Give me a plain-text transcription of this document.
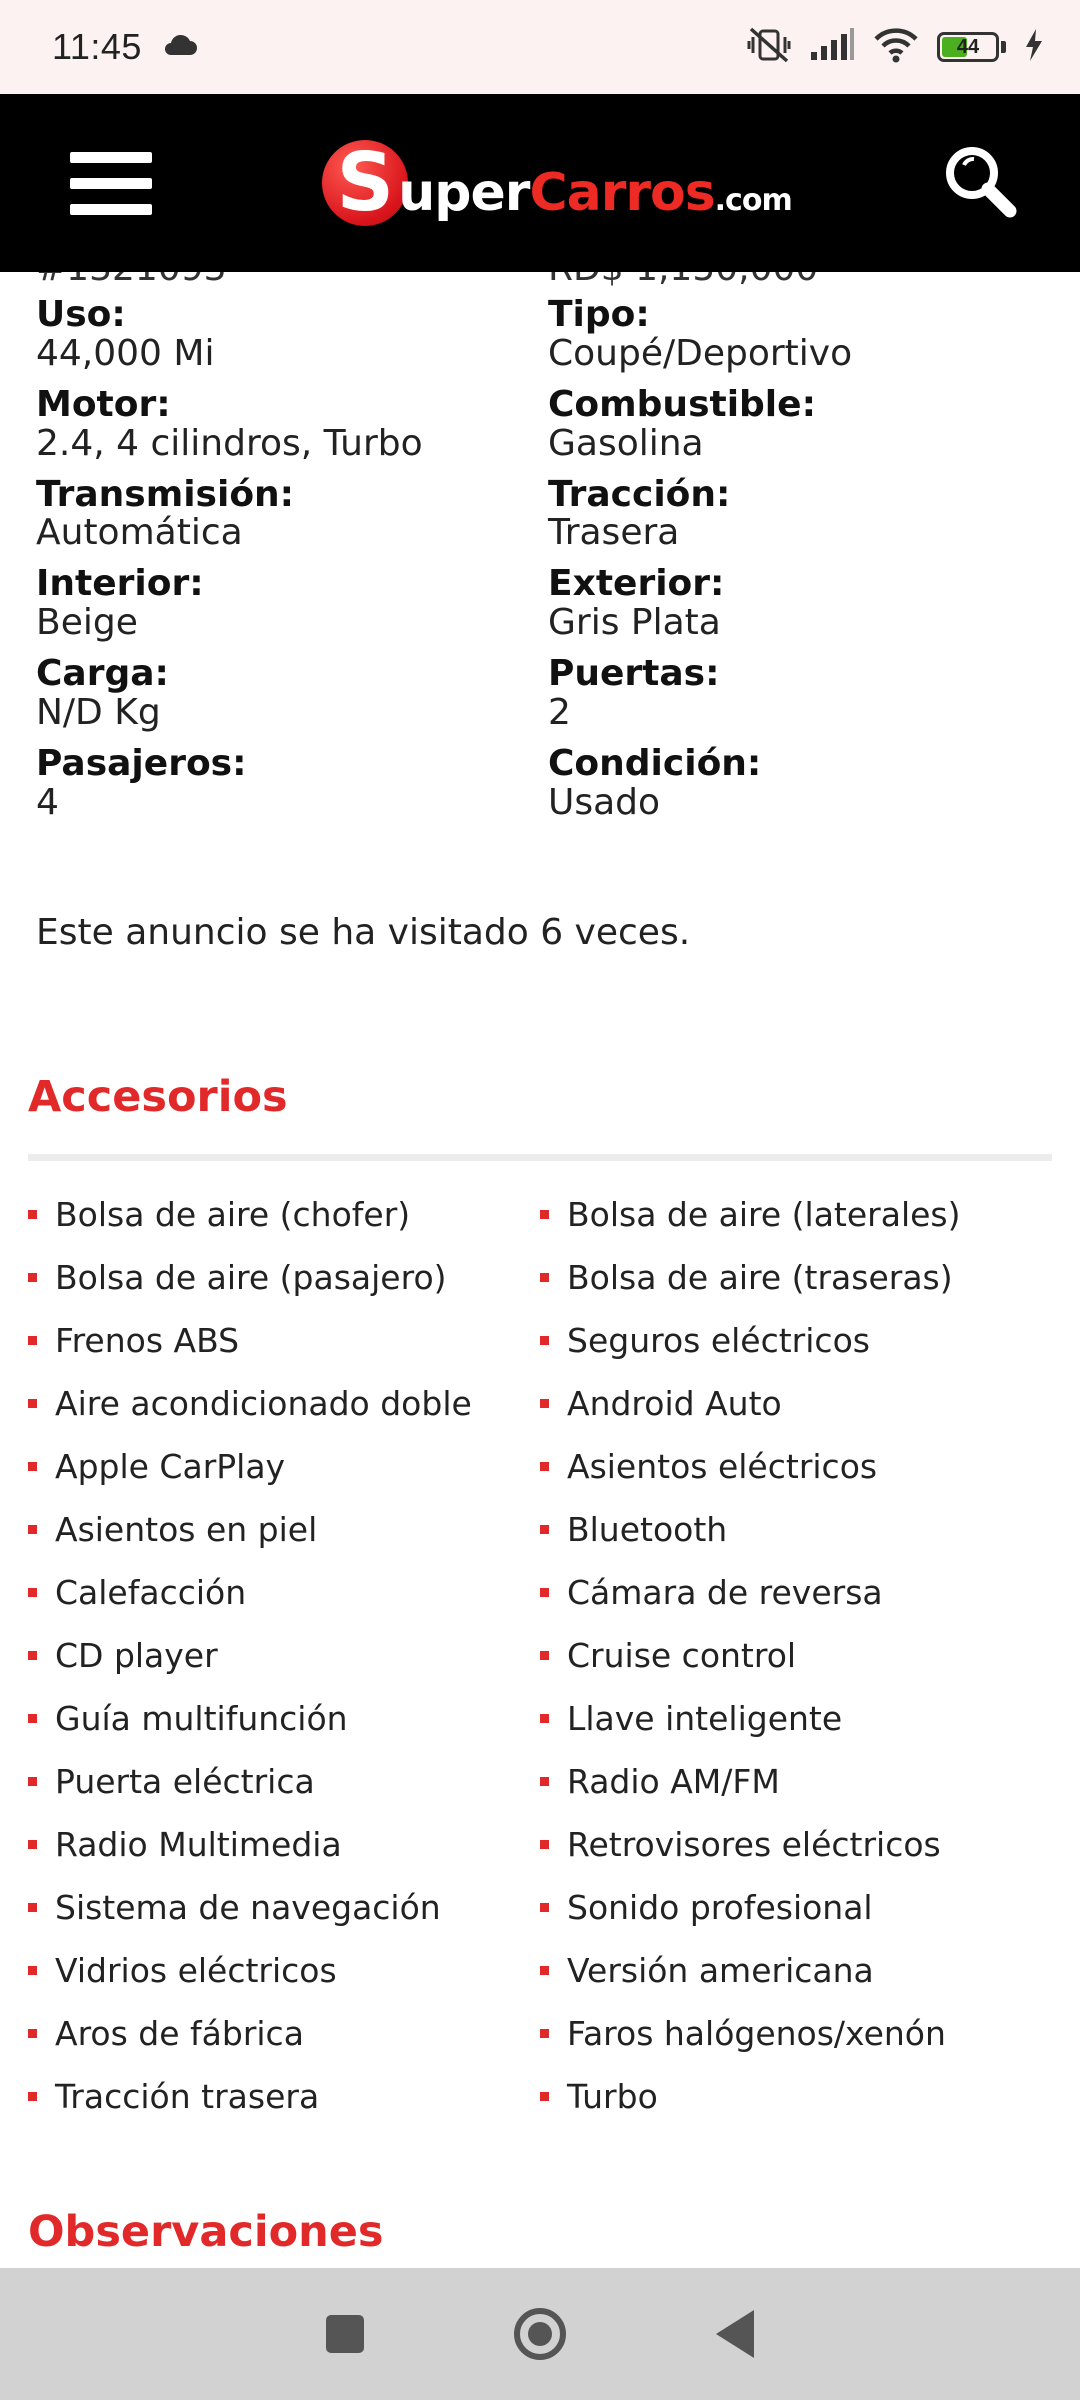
11:45	44
S uperCarros.com
Uso:
44,000 Mi
Tipo:
Coupé/Deportivo
Motor:
2.4, 4 cilindros, Turbo
Combustible:
Gasolina
Transmisión:
Automática
Tracción:
Trasera
Interior:
Beige
Exterior:
Gris Plata
Carga:
N/D Kg
Puertas:
2
Pasajeros:
4
Condición:
Usado
Este anuncio se ha visitado 6 veces.
Accesorios
Bolsa de aire (chofer)	Bolsa de aire (laterales)
Bolsa de aire (pasajero)	Bolsa de aire (traseras)
Frenos ABS	Seguros eléctricos
Aire acondicionado doble	Android Auto
Apple CarPlay	Asientos eléctricos
Asientos en piel	Bluetooth
Calefacción	Cámara de reversa
CD player	Cruise control
Guía multifunción	Llave inteligente
Puerta eléctrica	Radio AM/FM
Radio Multimedia	Retrovisores eléctricos
Sistema de navegación	Sonido profesional
Vidrios eléctricos	Versión americana
Aros de fábrica	Faros halógenos/xenón
Tracción trasera	Turbo
Observaciones
